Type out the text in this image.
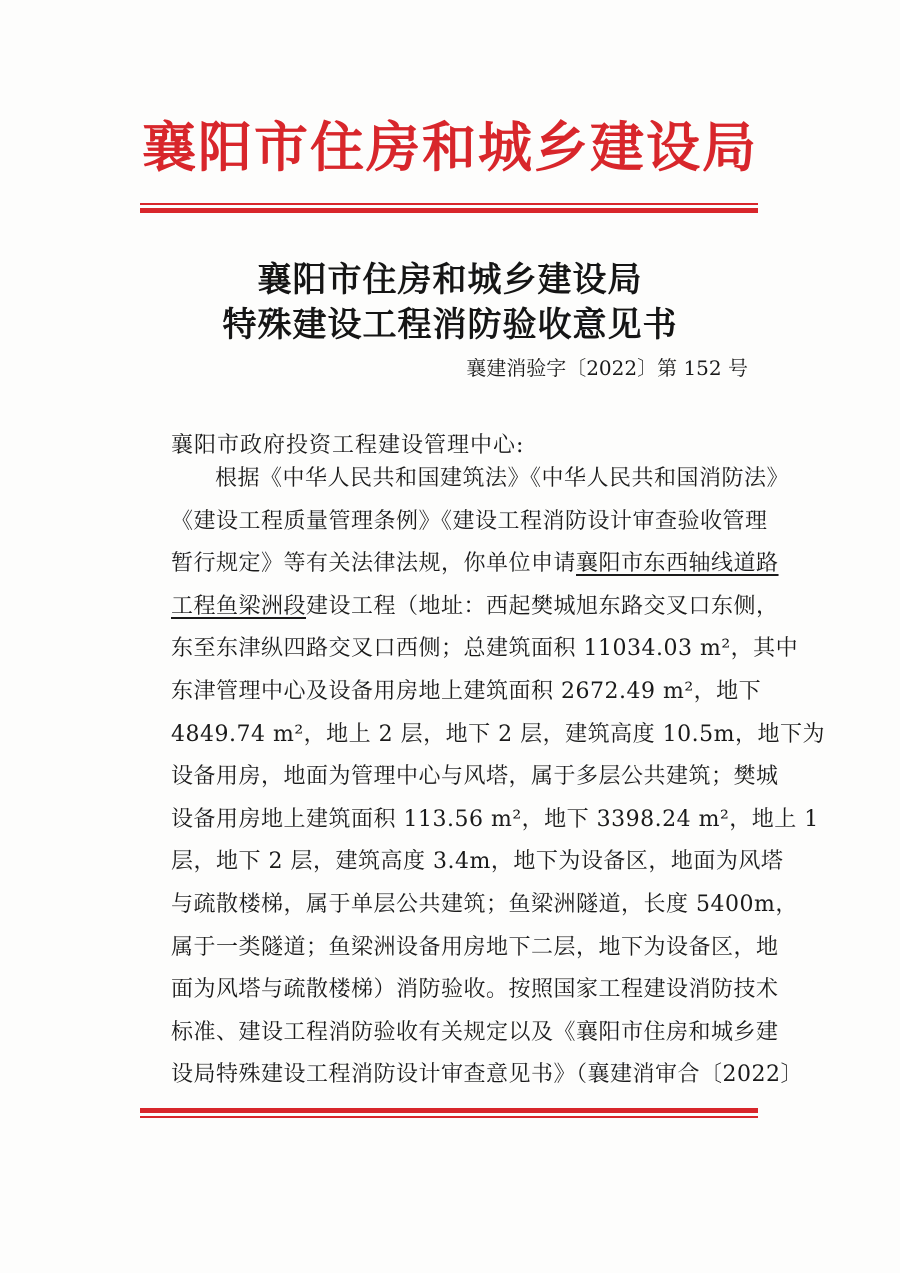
襄阳市住房和城乡建设局
襄阳市住房和城乡建设局
特殊建设工程消防验收意见书
襄建消验字〔2022〕第 152 号
襄阳市政府投资工程建设管理中心:
根据《中华人民共和国建筑法》《中华人民共和国消防法》
《建设工程质量管理条例》《建设工程消防设计审查验收管理
暂行规定》等有关法律法规，你单位申请襄阳市东西轴线道路
工程鱼梁洲段建设工程（地址：西起樊城旭东路交叉口东侧，
东至东津纵四路交叉口西侧；总建筑面积 11034.03 m²，其中
东津管理中心及设备用房地上建筑面积 2672.49 m²，地下
4849.74 m²，地上 2 层，地下 2 层，建筑高度 10.5m，地下为
设备用房，地面为管理中心与风塔，属于多层公共建筑；樊城
设备用房地上建筑面积 113.56 m²，地下 3398.24 m²，地上 1
层，地下 2 层，建筑高度 3.4m，地下为设备区，地面为风塔
与疏散楼梯，属于单层公共建筑；鱼梁洲隧道，长度 5400m，
属于一类隧道；鱼梁洲设备用房地下二层，地下为设备区，地
面为风塔与疏散楼梯）消防验收。按照国家工程建设消防技术
标准、建设工程消防验收有关规定以及《襄阳市住房和城乡建
设局特殊建设工程消防设计审查意见书》（襄建消审合〔2022〕
